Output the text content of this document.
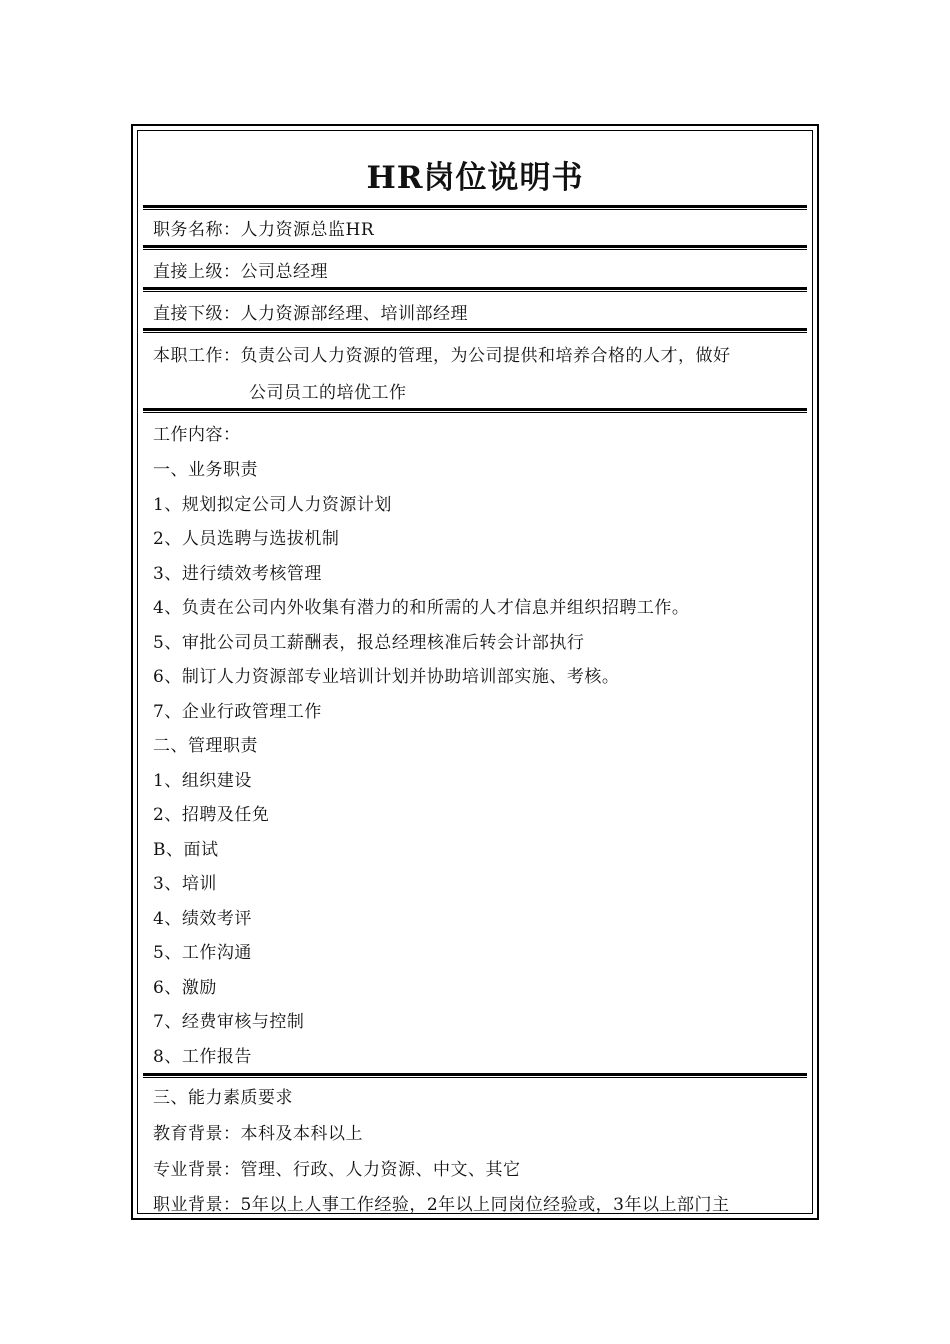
HR岗位说明书
职务名称：人力资源总监HR
直接上级：公司总经理
直接下级：人力资源部经理、培训部经理
本职工作：负责公司人力资源的管理，为公司提供和培养合格的人才，做好
公司员工的培优工作
工作内容：
一、业务职责
1、规划拟定公司人力资源计划
2、人员选聘与选拔机制
3、进行绩效考核管理
4、负责在公司内外收集有潜力的和所需的人才信息并组织招聘工作。
5、审批公司员工薪酬表，报总经理核准后转会计部执行
6、制订人力资源部专业培训计划并协助培训部实施、考核。
7、企业行政管理工作
二、管理职责
1、组织建设
2、招聘及任免
B、面试
3、培训
4、绩效考评
5、工作沟通
6、激励
7、经费审核与控制
8、工作报告
三、能力素质要求
教育背景：本科及本科以上
专业背景：管理、行政、人力资源、中文、其它
职业背景：5年以上人事工作经验，2年以上同岗位经验或，3年以上部门主
